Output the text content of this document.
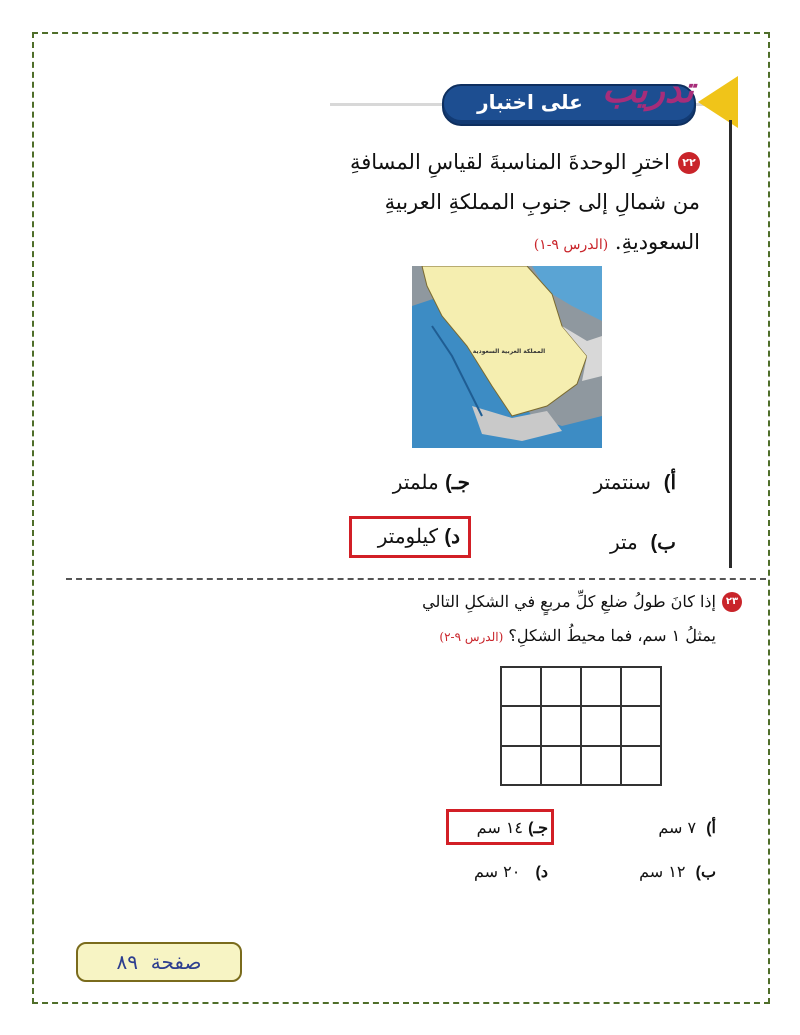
على اختبار تدريب
٢٢
اخترِ الوحدةَ المناسبةَ لقياسِ المسافةِ
من شمالِ إلى جنوبِ المملكةِ العربيةِ
السعوديةِ. (الدرس ٩-١)
المملكة العربية السعودية
أ)  سنتمتر
جـ) ملمتر
ب)  متر
د) كيلومتر
٢٣
إذا كانَ طولُ ضلعِ كلِّ مربعٍ في الشكلِ التالي
يمثلُ ١ سم، فما محيطُ الشكلِ؟ (الدرس ٩-٢)
أ)  ٧ سم
جـ) ١٤ سم
ب)  ١٢ سم
د)   ٢٠ سم
صفحة  ٨٩
